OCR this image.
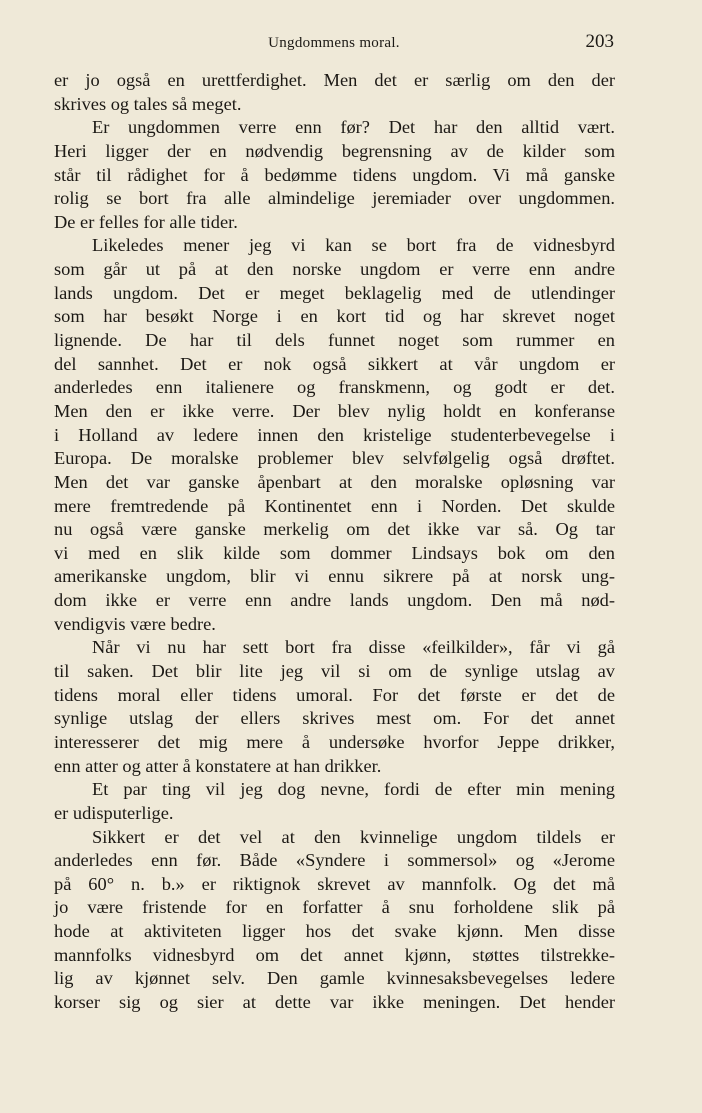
Ungdommens moral.	203
er jo også en urettferdighet. Men det er særlig om den der
skrives og tales så meget.
Er ungdommen verre enn før? Det har den alltid vært.
Heri ligger der en nødvendig begrensning av de kilder som
står til rådighet for å bedømme tidens ungdom. Vi må ganske
rolig se bort fra alle almindelige jeremiader over ungdommen.
De er felles for alle tider.
Likeledes mener jeg vi kan se bort fra de vidnesbyrd
som går ut på at den norske ungdom er verre enn andre
lands ungdom. Det er meget beklagelig med de utlendinger
som har besøkt Norge i en kort tid og har skrevet noget
lignende. De har til dels funnet noget som rummer en
del sannhet. Det er nok også sikkert at vår ungdom er
anderledes enn italienere og franskmenn, og godt er det.
Men den er ikke verre. Der blev nylig holdt en konferanse
i Holland av ledere innen den kristelige studenterbevegelse i
Europa. De moralske problemer blev selvfølgelig også drøftet.
Men det var ganske åpenbart at den moralske opløsning var
mere fremtredende på Kontinentet enn i Norden. Det skulde
nu også være ganske merkelig om det ikke var så. Og tar
vi med en slik kilde som dommer Lindsays bok om den
amerikanske ungdom, blir vi ennu sikrere på at norsk ung-
dom ikke er verre enn andre lands ungdom. Den må nød-
vendigvis være bedre.
Når vi nu har sett bort fra disse «feilkilder», får vi gå
til saken. Det blir lite jeg vil si om de synlige utslag av
tidens moral eller tidens umoral. For det første er det de
synlige utslag der ellers skrives mest om. For det annet
interesserer det mig mere å undersøke hvorfor Jeppe drikker,
enn atter og atter å konstatere at han drikker.
Et par ting vil jeg dog nevne, fordi de efter min mening
er udisputerlige.
Sikkert er det vel at den kvinnelige ungdom tildels er
anderledes enn før. Både «Syndere i sommersol» og «Jerome
på 60° n. b.» er riktignok skrevet av mannfolk. Og det må
jo være fristende for en forfatter å snu forholdene slik på
hode at aktiviteten ligger hos det svake kjønn. Men disse
mannfolks vidnesbyrd om det annet kjønn, støttes tilstrekke-
lig av kjønnet selv. Den gamle kvinnesaksbevegelses ledere
korser sig og sier at dette var ikke meningen. Det hender
